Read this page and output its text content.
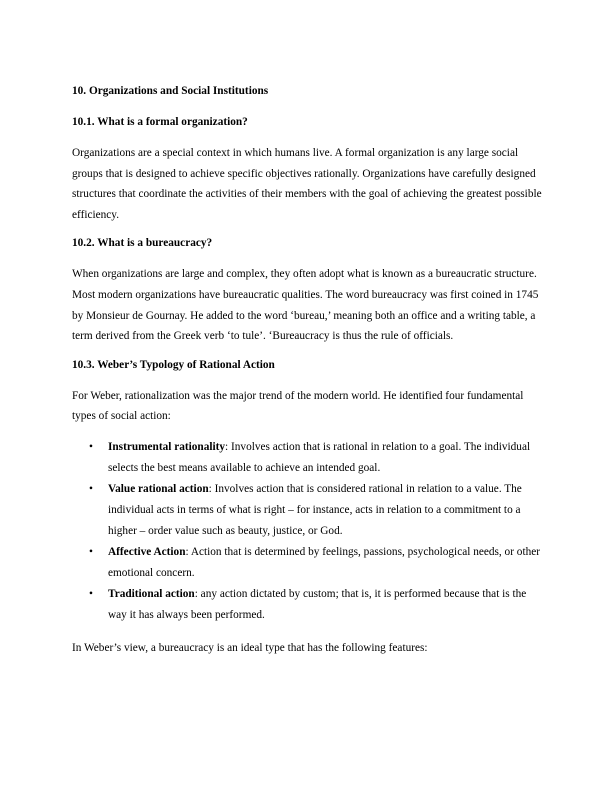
10. Organizations and Social Institutions

10.1. What is a formal organization?

Organizations are a special context in which humans live. A formal organization is any large social groups that is designed to achieve specific objectives rationally. Organizations have carefully designed structures that coordinate the activities of their members with the goal of achieving the greatest possible efficiency.

10.2. What is a bureaucracy?

When organizations are large and complex, they often adopt what is known as a bureaucratic structure. Most modern organizations have bureaucratic qualities. The word bureaucracy was first coined in 1745 by Monsieur de Gournay. He added to the word ‘bureau,’ meaning both an office and a writing table, a term derived from the Greek verb ‘to tule’. ‘Bureaucracy is thus the rule of officials.

10.3. Weber’s Typology of Rational Action

For Weber, rationalization was the major trend of the modern world. He identified four fundamental types of social action:

• Instrumental rationality: Involves action that is rational in relation to a goal. The individual selects the best means available to achieve an intended goal.
• Value rational action: Involves action that is considered rational in relation to a value. The individual acts in terms of what is right – for instance, acts in relation to a commitment to a higher – order value such as beauty, justice, or God.
• Affective Action: Action that is determined by feelings, passions, psychological needs, or other emotional concern.
• Traditional action: any action dictated by custom; that is, it is performed because that is the way it has always been performed.

In Weber’s view, a bureaucracy is an ideal type that has the following features:
